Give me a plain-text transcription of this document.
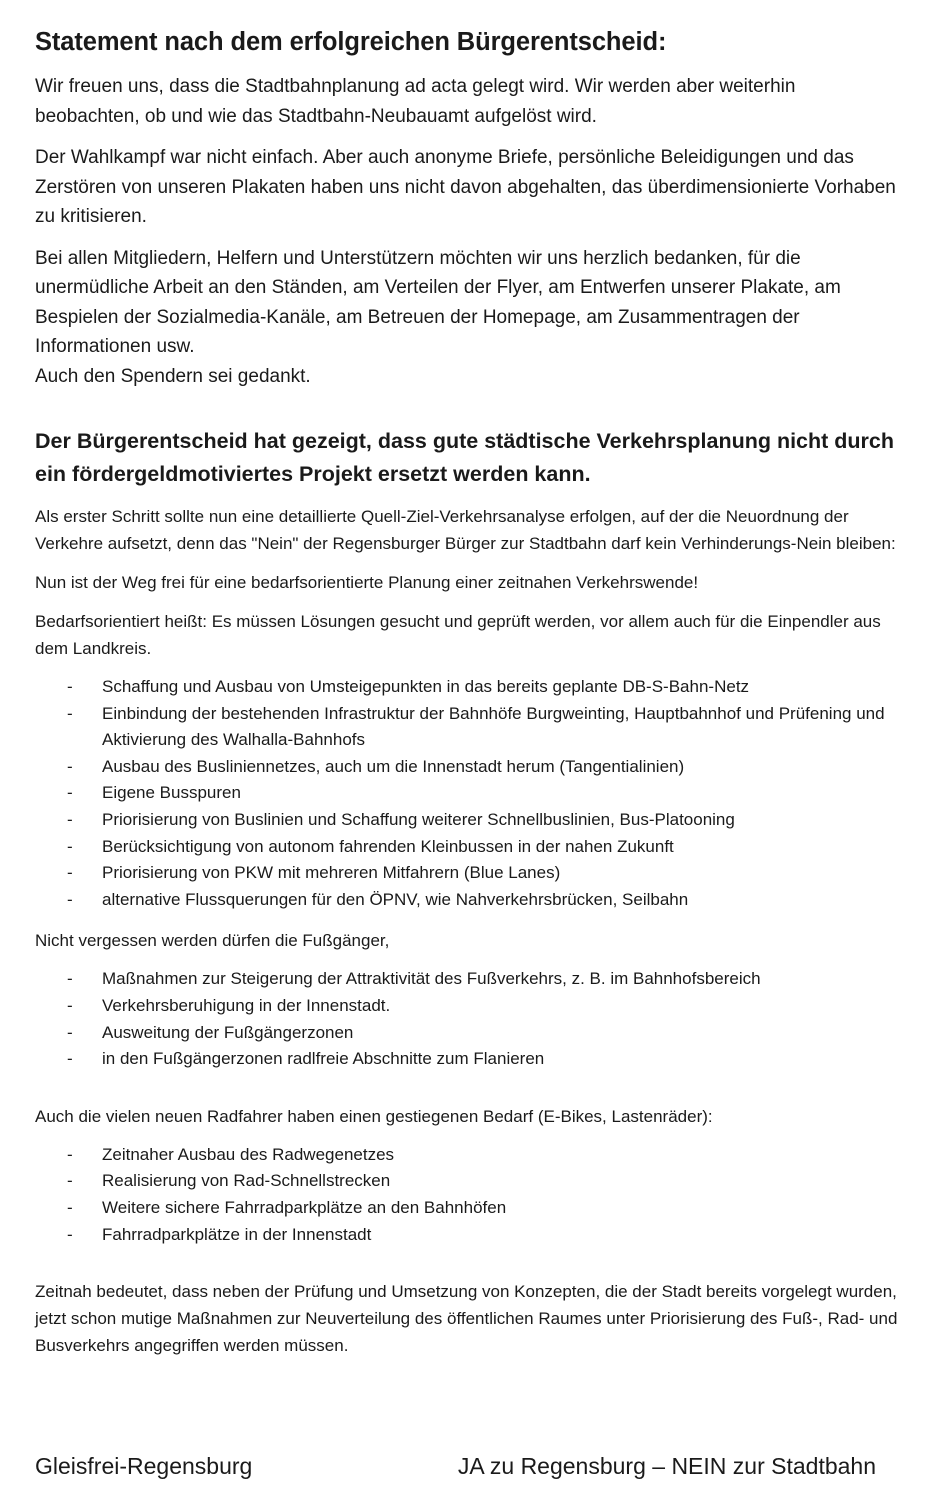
Statement nach dem erfolgreichen Bürgerentscheid:

Wir freuen uns, dass die Stadtbahnplanung ad acta gelegt wird. Wir werden aber weiterhin beobachten, ob und wie das Stadtbahn-Neubauamt aufgelöst wird.

Der Wahlkampf war nicht einfach. Aber auch anonyme Briefe, persönliche Beleidigungen und das Zerstören von unseren Plakaten haben uns nicht davon abgehalten, das überdimensionierte Vorhaben zu kritisieren.

Bei allen Mitgliedern, Helfern und Unterstützern möchten wir uns herzlich bedanken, für die unermüdliche Arbeit an den Ständen, am Verteilen der Flyer, am Entwerfen unserer Plakate, am Bespielen der Sozialmedia-Kanäle, am Betreuen der Homepage, am Zusammentragen der Informationen usw.

Auch den Spendern sei gedankt.

Der Bürgerentscheid hat gezeigt, dass gute städtische Verkehrsplanung nicht durch ein fördergeldmotiviertes Projekt ersetzt werden kann.

Als erster Schritt sollte nun eine detaillierte Quell-Ziel-Verkehrsanalyse erfolgen, auf der die Neuordnung der Verkehre aufsetzt, denn das "Nein" der Regensburger Bürger zur Stadtbahn darf kein Verhinderungs-Nein bleiben:

Nun ist der Weg frei für eine bedarfsorientierte Planung einer zeitnahen Verkehrswende!

Bedarfsorientiert heißt: Es müssen Lösungen gesucht und geprüft werden, vor allem auch für die Einpendler aus dem Landkreis.

- Schaffung und Ausbau von Umsteigepunkten in das bereits geplante DB-S-Bahn-Netz
- Einbindung der bestehenden Infrastruktur der Bahnhöfe Burgweinting, Hauptbahnhof und Prüfening und Aktivierung des Walhalla-Bahnhofs
- Ausbau des Busliniennetzes, auch um die Innenstadt herum (Tangentialinien)
- Eigene Busspuren
- Priorisierung von Buslinien und Schaffung weiterer Schnellbuslinien, Bus-Platooning
- Berücksichtigung von autonom fahrenden Kleinbussen in der nahen Zukunft
- Priorisierung von PKW mit mehreren Mitfahrern (Blue Lanes)
- alternative Flussquerungen für den ÖPNV, wie Nahverkehrsbrücken, Seilbahn

Nicht vergessen werden dürfen die Fußgänger,

- Maßnahmen zur Steigerung der Attraktivität des Fußverkehrs, z. B. im Bahnhofsbereich
- Verkehrsberuhigung in der Innenstadt.
- Ausweitung der Fußgängerzonen
- in den Fußgängerzonen radlfreie Abschnitte zum Flanieren

Auch die vielen neuen Radfahrer haben einen gestiegenen Bedarf (E-Bikes, Lastenräder):

- Zeitnaher Ausbau des Radwegenetzes
- Realisierung von Rad-Schnellstrecken
- Weitere sichere Fahrradparkplätze an den Bahnhöfen
- Fahrradparkplätze in der Innenstadt

Zeitnah bedeutet, dass neben der Prüfung und Umsetzung von Konzepten, die der Stadt bereits vorgelegt wurden, jetzt schon mutige Maßnahmen zur Neuverteilung des öffentlichen Raumes unter Priorisierung des Fuß-, Rad- und Busverkehrs angegriffen werden müssen.

Gleisfrei-Regensburg	JA zu Regensburg – NEIN zur Stadtbahn
